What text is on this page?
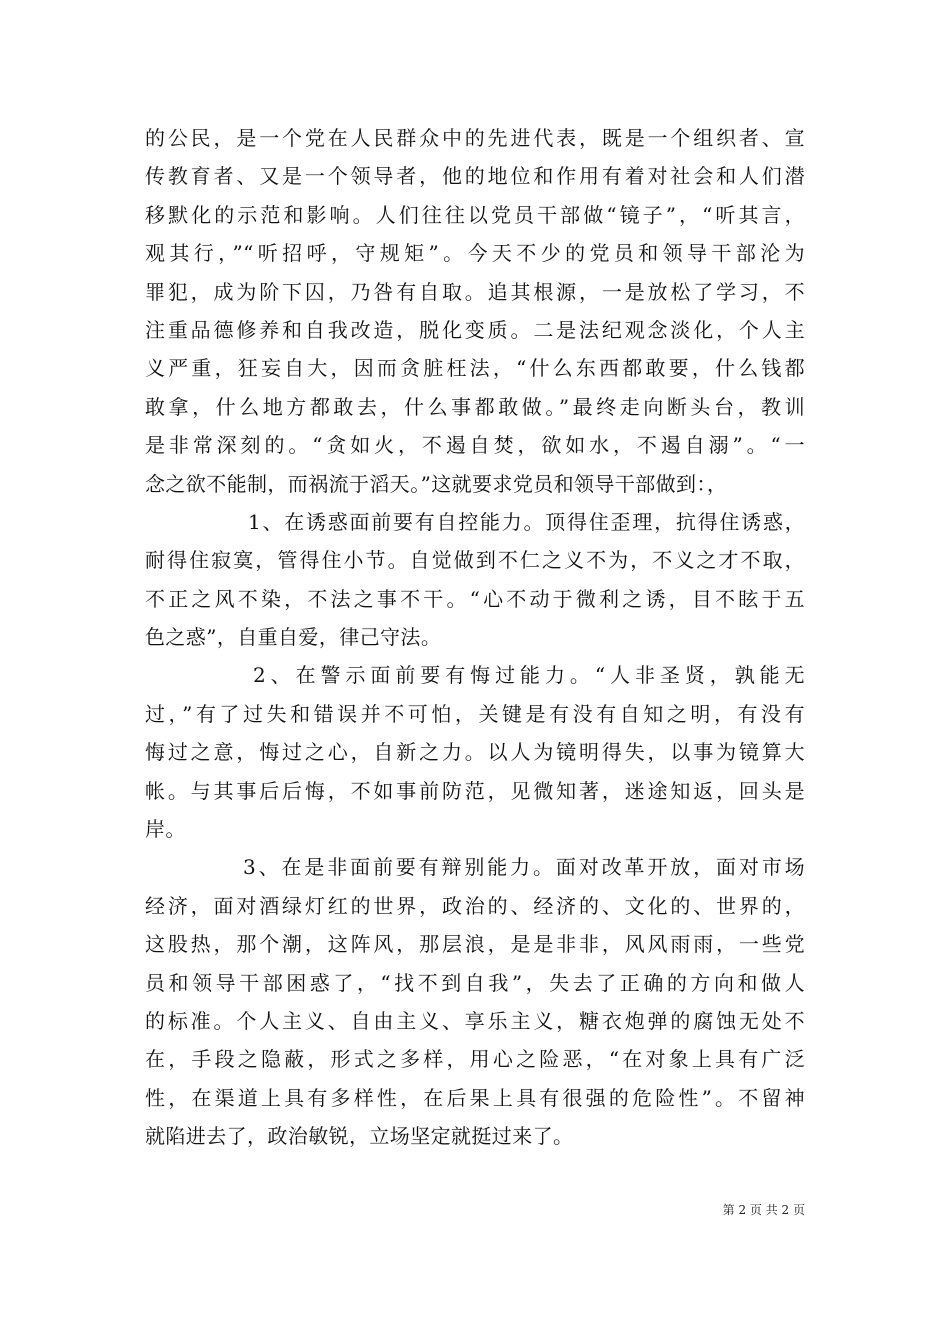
的公民，是一个党在人民群众中的先进代表，既是一个组织者、宣
传教育者、又是一个领导者，他的地位和作用有着对社会和人们潜
移默化的示范和影响。人们往往以党员干部做“镜子”，“听其言，
观其行，”“听招呼，守规矩”。今天不少的党员和领导干部沦为
罪犯，成为阶下囚，乃咎有自取。追其根源，一是放松了学习，不
注重品德修养和自我改造，脱化变质。二是法纪观念淡化，个人主
义严重，狂妄自大，因而贪脏枉法，“什么东西都敢要，什么钱都
敢拿，什么地方都敢去，什么事都敢做。”最终走向断头台，教训
是非常深刻的。“贪如火，不遏自焚，欲如水，不遏自溺”。“一
念之欲不能制，而祸流于滔天。”这就要求党员和领导干部做到：，
1、在诱惑面前要有自控能力。顶得住歪理，抗得住诱惑，
耐得住寂寞，管得住小节。自觉做到不仁之义不为，不义之才不取，
不正之风不染，不法之事不干。“心不动于微利之诱，目不眩于五
色之惑”，自重自爱，律己守法。
2、在警示面前要有悔过能力。“人非圣贤，孰能无
过，”有了过失和错误并不可怕，关键是有没有自知之明，有没有
悔过之意，悔过之心，自新之力。以人为镜明得失，以事为镜算大
帐。与其事后后悔，不如事前防范，见微知著，迷途知返，回头是
岸。
3、在是非面前要有辩别能力。面对改革开放，面对市场
经济，面对酒绿灯红的世界，政治的、经济的、文化的、世界的，
这股热，那个潮，这阵风，那层浪，是是非非，风风雨雨，一些党
员和领导干部困惑了，“找不到自我”，失去了正确的方向和做人
的标准。个人主义、自由主义、享乐主义，糖衣炮弹的腐蚀无处不
在，手段之隐蔽，形式之多样，用心之险恶，“在对象上具有广泛
性，在渠道上具有多样性，在后果上具有很强的危险性”。不留神
就陷进去了，政治敏锐，立场坚定就挺过来了。
第 2 页 共 2 页
